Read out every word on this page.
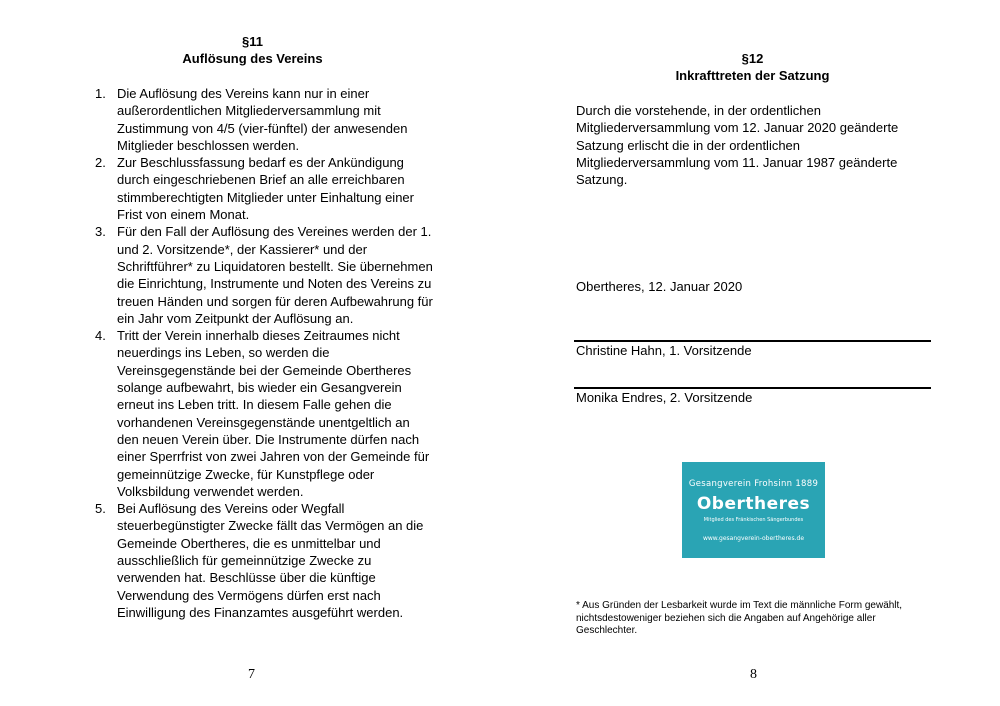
§11
Auflösung des Vereins
1. Die Auflösung des Vereins kann nur in einer außerordentlichen Mitgliederversammlung mit Zustimmung von 4/5 (vier-fünftel) der anwesenden Mitglieder beschlossen werden.
2. Zur Beschlussfassung bedarf es der Ankündigung durch eingeschriebenen Brief an alle erreichbaren stimmberechtigten Mitglieder unter Einhaltung einer Frist von einem Monat.
3. Für den Fall der Auflösung des Vereines werden der 1. und 2. Vorsitzende*, der Kassierer* und der Schriftführer* zu Liquidatoren bestellt. Sie übernehmen die Einrichtung, Instrumente und Noten des Vereins zu treuen Händen und sorgen für deren Aufbewahrung für ein Jahr vom Zeitpunkt der Auflösung an.
4. Tritt der Verein innerhalb dieses Zeitraumes nicht neuerdings ins Leben, so werden die Vereinsgegenstände bei der Gemeinde Obertheres solange aufbewahrt, bis wieder ein Gesangverein erneut ins Leben tritt. In diesem Falle gehen die vorhandenen Vereinsgegenstände unentgeltlich an den neuen Verein über. Die Instrumente dürfen nach einer Sperrfrist von zwei Jahren von der Gemeinde für gemeinnützige Zwecke, für Kunstpflege oder Volksbildung verwendet werden.
5. Bei Auflösung des Vereins oder Wegfall steuerbegünstigter Zwecke fällt das Vermögen an die Gemeinde Obertheres, die es unmittelbar und ausschließlich für gemeinnützige Zwecke zu verwenden hat. Beschlüsse über die künftige Verwendung des Vermögens dürfen erst nach Einwilligung des Finanzamtes ausgeführt werden.
7
§12
Inkrafttreten der Satzung

Durch die vorstehende, in der ordentlichen Mitgliederversammlung vom 12. Januar 2020 geänderte Satzung erlischt die in der ordentlichen Mitgliederversammlung vom 11. Januar 1987 geänderte Satzung.

Obertheres, 12. Januar 2020

Christine Hahn, 1. Vorsitzende

Monika Endres, 2. Vorsitzende

Gesangverein Frohsinn 1889
Obertheres
Mitglied des Fränkischen Sängerbundes
www.gesangverein-obertheres.de

* Aus Gründen der Lesbarkeit wurde im Text die männliche Form gewählt, nichtsdestoweniger beziehen sich die Angaben auf Angehörige aller Geschlechter.

8
